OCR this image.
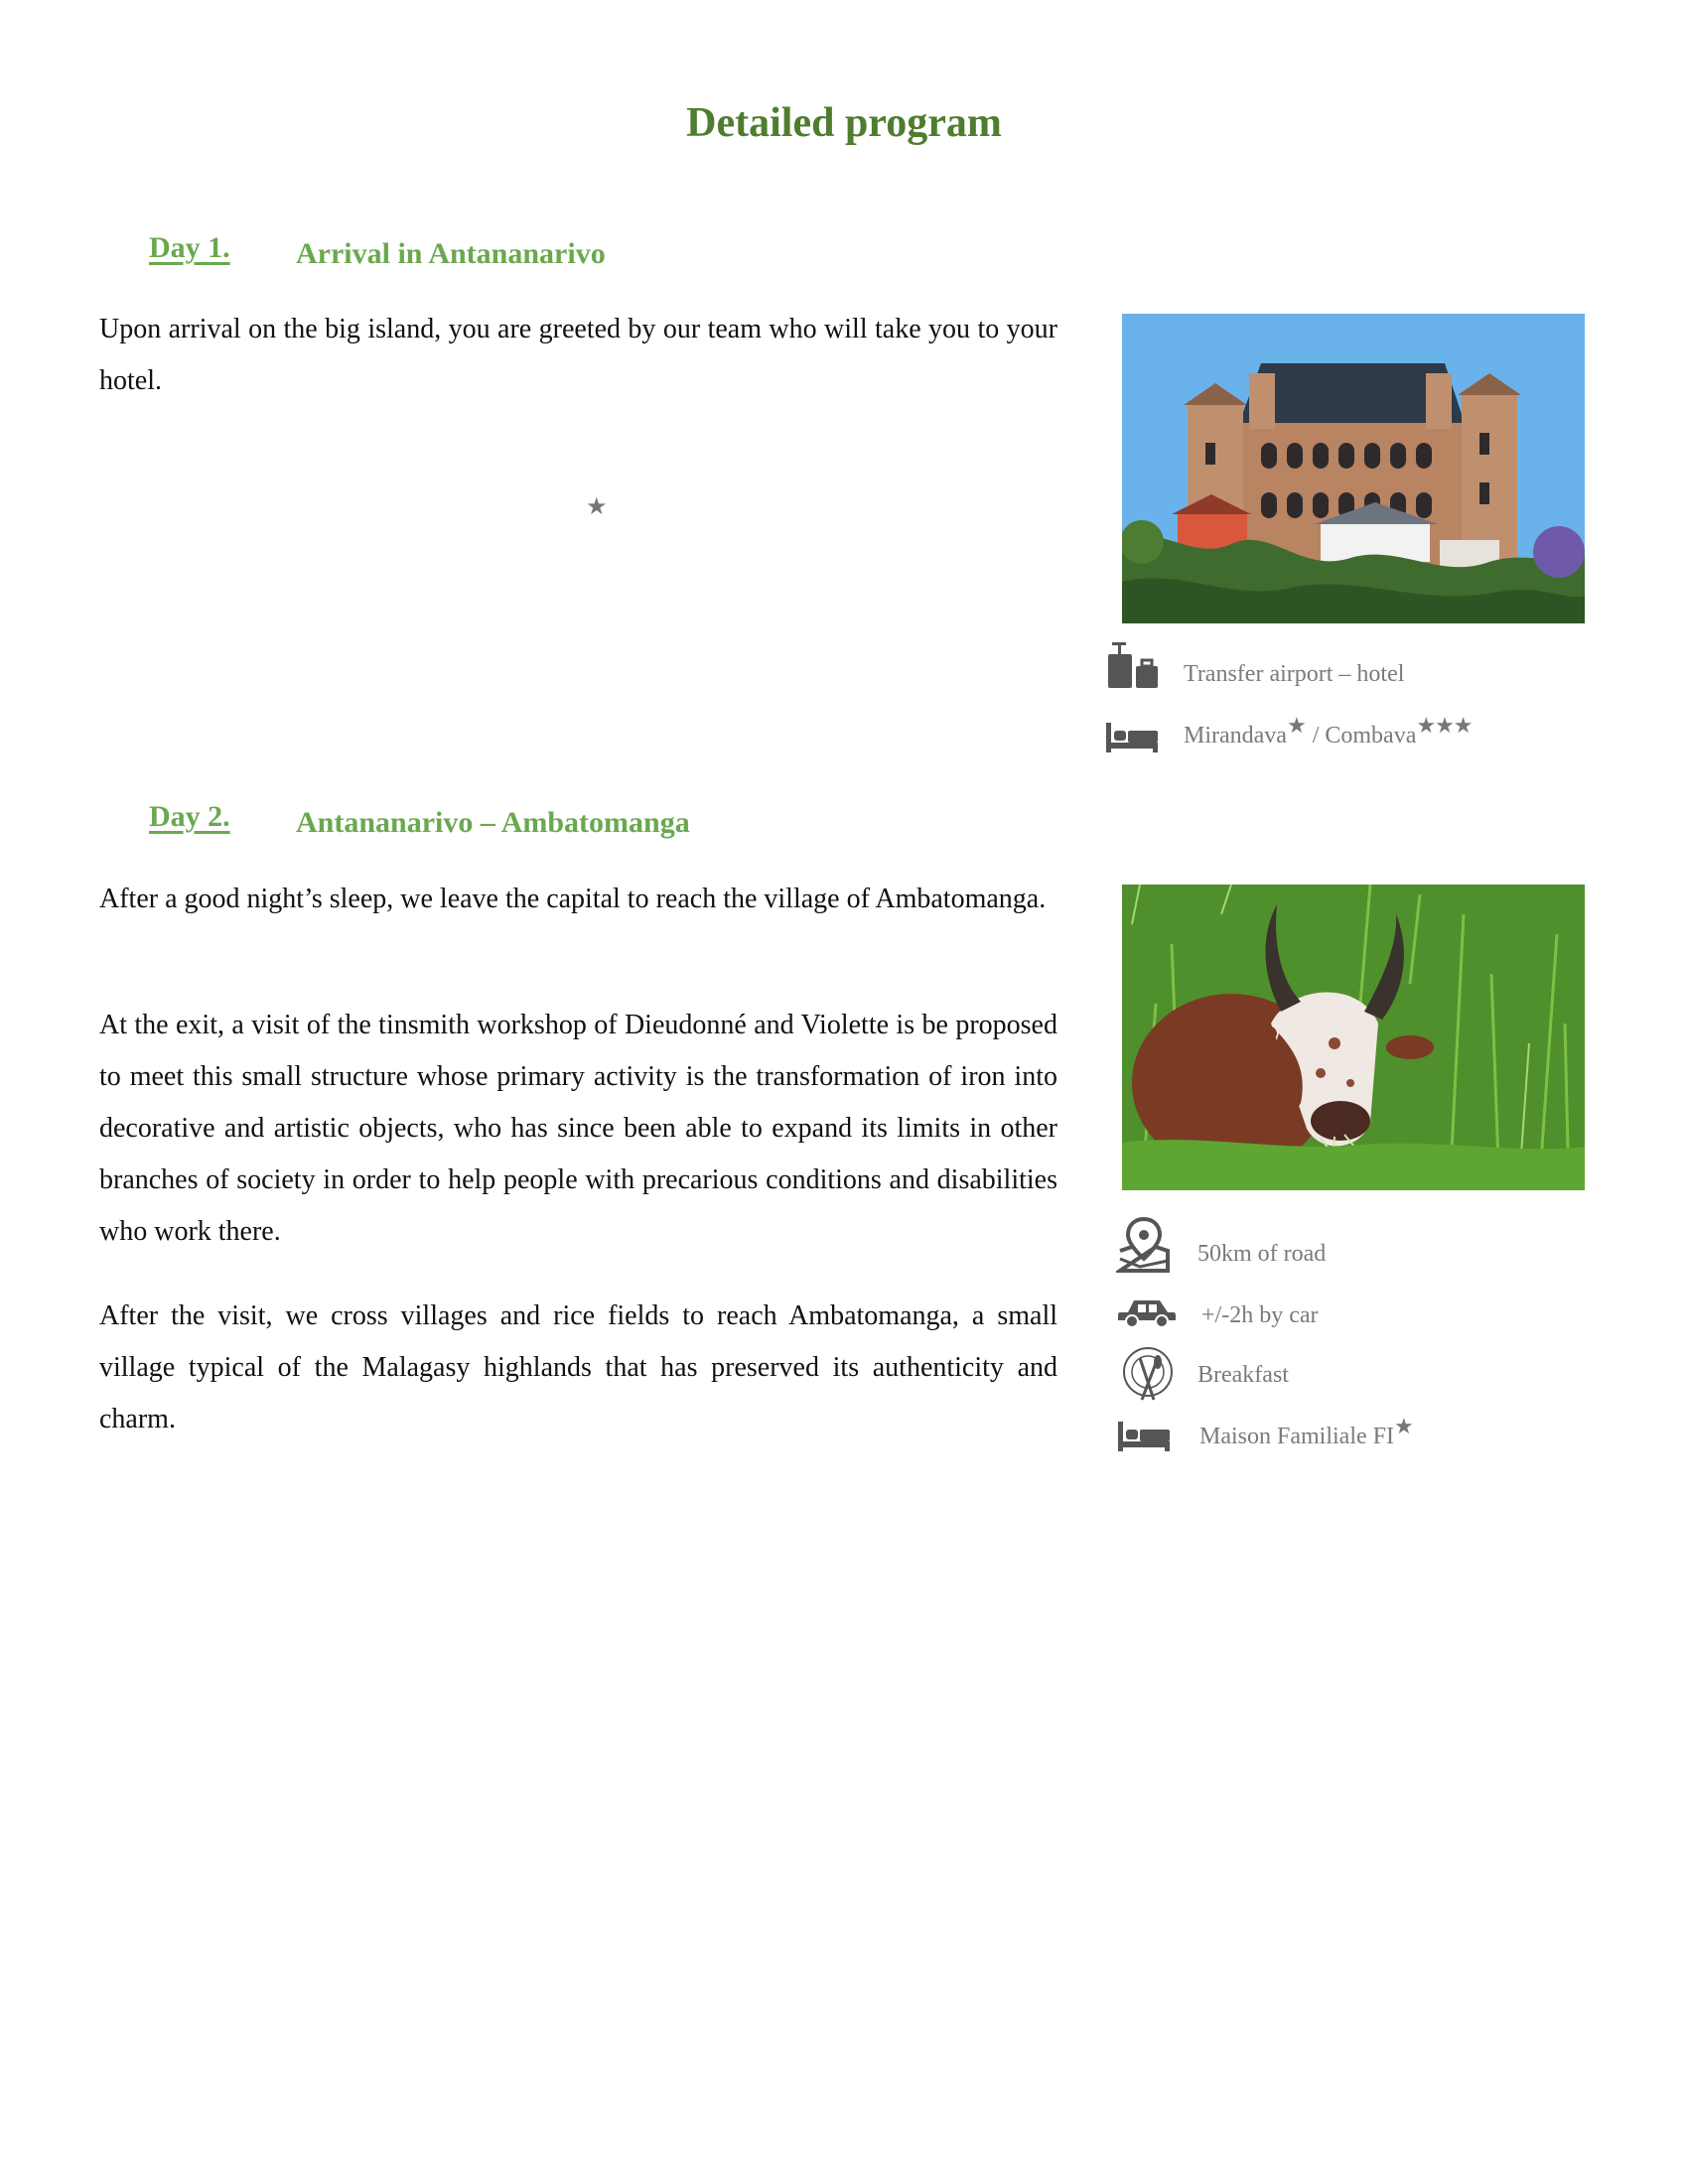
Detailed program
Day 1. Arrival in Antananarivo

Upon arrival on the big island, you are greeted by our team who will take you to your hotel.

★
Transfer airport – hotel
Mirandava★ / Combava★★★
Day 2. Antananarivo – Ambatomanga

After a good night’s sleep, we leave the capital to reach the village of Ambatomanga.

At the exit, a visit of the tinsmith workshop of Dieudonné and Violette is be proposed to meet this small structure whose primary activity is the transformation of iron into decorative and artistic objects, who has since been able to expand its limits in other branches of society in order to help people with precarious conditions and disabilities who work there.

After the visit, we cross villages and rice fields to reach Ambatomanga, a small village typical of the Malagasy highlands that has preserved its authenticity and charm.

50km of road
+/-2h by car
Breakfast
Maison Familiale FI★
